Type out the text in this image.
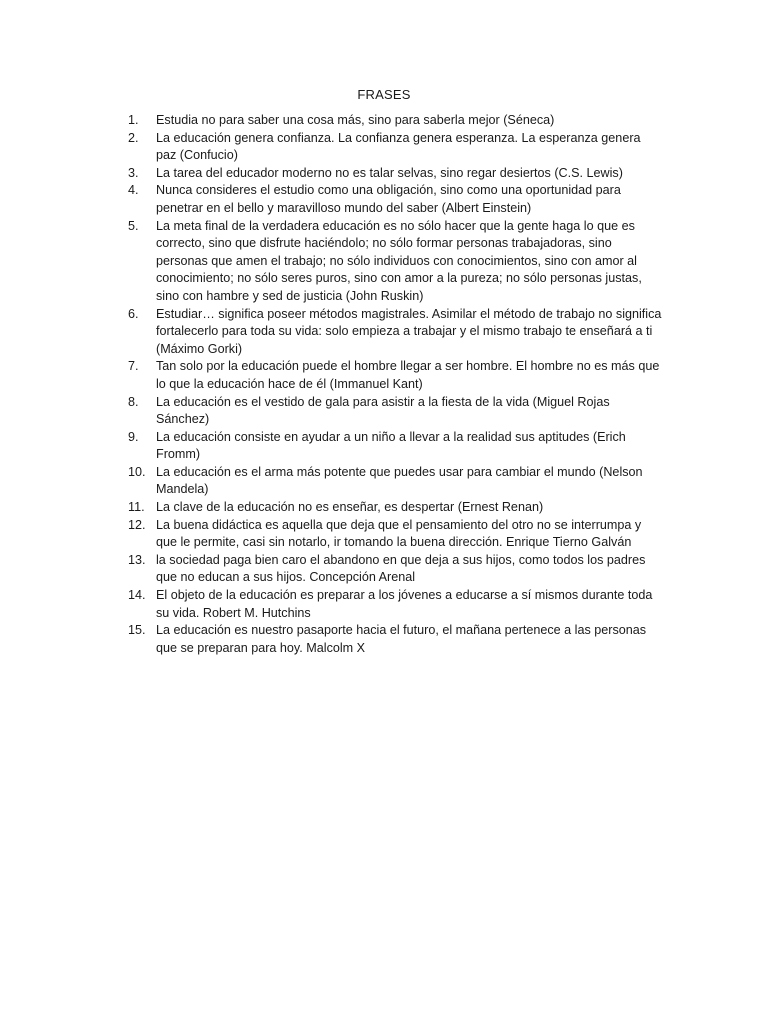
FRASES
1.	Estudia no para saber una cosa más, sino para saberla mejor (Séneca)
2.	La educación genera confianza. La confianza genera esperanza. La esperanza genera paz (Confucio)
3.	La tarea del educador moderno no es talar selvas, sino regar desiertos (C.S. Lewis)
4.	Nunca consideres el estudio como una obligación, sino como una oportunidad para penetrar en el bello y maravilloso mundo del saber (Albert Einstein)
5.	La meta final de la verdadera educación es no sólo hacer que la gente haga lo que es correcto, sino que disfrute haciéndolo; no sólo formar personas trabajadoras, sino personas que amen el trabajo; no sólo individuos con conocimientos, sino con amor al conocimiento; no sólo seres puros, sino con amor a la pureza; no sólo personas justas, sino con hambre y sed de justicia (John Ruskin)
6.	Estudiar… significa poseer métodos magistrales. Asimilar el método de trabajo no significa fortalecerlo para toda su vida: solo empieza a trabajar y el mismo trabajo te enseñará a ti (Máximo Gorki)
7.	Tan solo por la educación puede el hombre llegar a ser hombre. El hombre no es más que lo que la educación hace de él (Immanuel Kant)
8.	La educación es el vestido de gala para asistir a la fiesta de la vida (Miguel Rojas Sánchez)
9.	La educación consiste en ayudar a un niño a llevar a la realidad sus aptitudes (Erich Fromm)
10. La educación es el arma más potente que puedes usar para cambiar el mundo (Nelson Mandela)
11. La clave de la educación no es enseñar, es despertar (Ernest Renan)
12. La buena didáctica es aquella que deja que el pensamiento del otro no se interrumpa y que le permite, casi sin notarlo, ir tomando la buena dirección. Enrique Tierno Galván
13. la sociedad paga bien caro el abandono en que deja a sus hijos, como todos los padres que no educan a sus hijos. Concepción Arenal
14. El objeto de la educación es preparar a los jóvenes a educarse a sí mismos durante toda su vida. Robert M. Hutchins
15. La educación es nuestro pasaporte hacia el futuro, el mañana pertenece a las personas que se preparan para hoy. Malcolm X
